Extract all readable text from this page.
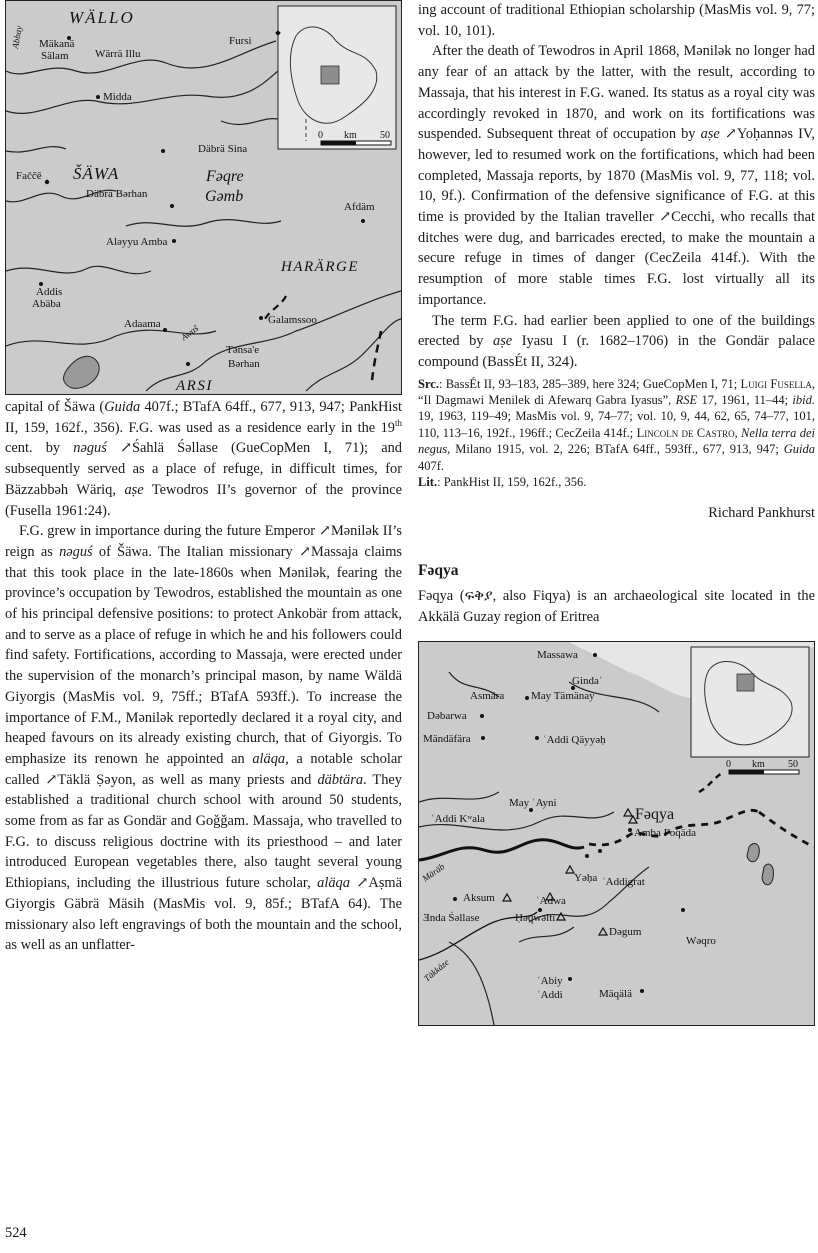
WÄLLO
Mäkanä
Sälam Wärrä Illu
Fursi
Midda
Abbay
Däbrä Sina
Faččē ŠÄWA	Fəqre
Gəmb
Däbrä Bərhan
Afdäm
Aləyyu Amba
HARÄRGE
Addis
Abäba
Galamssoo
Adaama Awaš
Tənsa'e
Bərhan
ARSI
0 km 50

capital of Šäwa (Guida 407f.; BTafA 64ff., 677, 913, 947; PankHist II, 159, 162f., 356). F.G. was used as a residence early in the 19th cent. by nəguś ↗Śahlä Śəllase (GueCopMen I, 71); and subsequently served as a place of refuge, in difficult times, for Bäzzabbəh Wäriq, aṣe Tewodros II’s governor of the province (Fusella 1961:24).

F.G. grew in importance during the future Emperor ↗Mənilək II’s reign as nəguś of Šäwa. The Italian missionary ↗Massaja claims that this took place in the late-1860s when Mənilək, fearing the province’s occupation by Tewodros, established the mountain as one of his principal defensive positions: to protect Ankobär from attack, and to serve as a place of refuge in which he and his followers could find safety. Fortifications, according to Massaja, were erected under the supervision of the monarch’s principal mason, by name Wäldä Giyorgis (MasMis vol. 9, 75ff.; BTafA 593ff.). To increase the importance of F.M., Mənilək reportedly declared it a royal city, and heaped favours on its already existing church, that of Giyorgis. To emphasize its renown he appointed an aläqa, a notable scholar called ↗Täklä Ṣəyon, as well as many priests and däbtära. They established a traditional church school with around 50 students, some from as far as Gondär and Goǧǧam. Massaja, who travelled to F.G. to discuss religious doctrine with its priesthood – and later introduced European vegetables there, also taught several young Ethiopians, including the illustrious future scholar, aläqa ↗Aṣmä Giyorgis Gäbrä Mäsih (MasMis vol. 9, 85f.; BTafA 64). The missionary also left engravings of both the mountain and the school, as well as an unflatter-

ing account of traditional Ethiopian scholarship (MasMis vol. 9, 77; vol. 10, 101).

After the death of Tewodros in April 1868, Mənilək no longer had any fear of an attack by the latter, with the result, according to Massaja, that his interest in F.G. waned. Its status as a royal city was accordingly revoked in 1870, and work on its fortifications was suspended. Subsequent threat of occupation by aṣe ↗Yoḥannəs IV, however, led to resumed work on the fortifications, which had been completed, Massaja reports, by 1870 (MasMis vol. 9, 77, 118; vol. 10, 9f.). Confirmation of the defensive significance of F.G. at this time is provided by the Italian traveller ↗Cecchi, who recalls that ditches were dug, and barricades erected, to make the mountain a secure refuge in times of danger (CecZeila 414f.). With the resumption of more stable times F.G. lost virtually all its importance.

The term F.G. had earlier been applied to one of the buildings erected by aṣe Iyasu I (r. 1682–1706) in the Gondär palace compound (BassÉt II, 324).

Src.: BassÉt II, 93–183, 285–389, here 324; GueCopMen I, 71; Luigi Fusella, “Il Dagmawi Menilek di Afewarq Gabra Iyasus”, RSE 17, 1961, 11–44; ibid. 19, 1963, 119–49; MasMis vol. 9, 74–77; vol. 10, 9, 44, 62, 65, 74–77, 101, 110, 113–16, 192f., 196ff.; CecZeila 414f.; Lincoln de Castro, Nella terra dei negus, Milano 1915, vol. 2, 226; BTafA 64ff., 593ff., 677, 913, 947; Guida 407f.
Lit.: PankHist II, 159, 162f., 356.

Richard Pankhurst

Fəqya

Fəqya (ፍቅያ, also Fiqya) is an archaeological site located in the Akkälä Guzay region of Eritrea

Massawa
Gindaʿ
Asmära May Tämänay
Dəbarwa
Mändäfära	ʿAddi Qäyyəḥ
May ʿAyni
Fəqya
ʿAddi Kʷala
Amba Foqäda
Märäb	Yəḥa ʿAddigrat
Aksum	ʿAdwa
Ǝnda Śəllase	Ḥəqwəlti
Dəgum
Wəqro
Täkkäze	ʿAbiy
ʿAddi	Mäqälä
0 km 50
524
